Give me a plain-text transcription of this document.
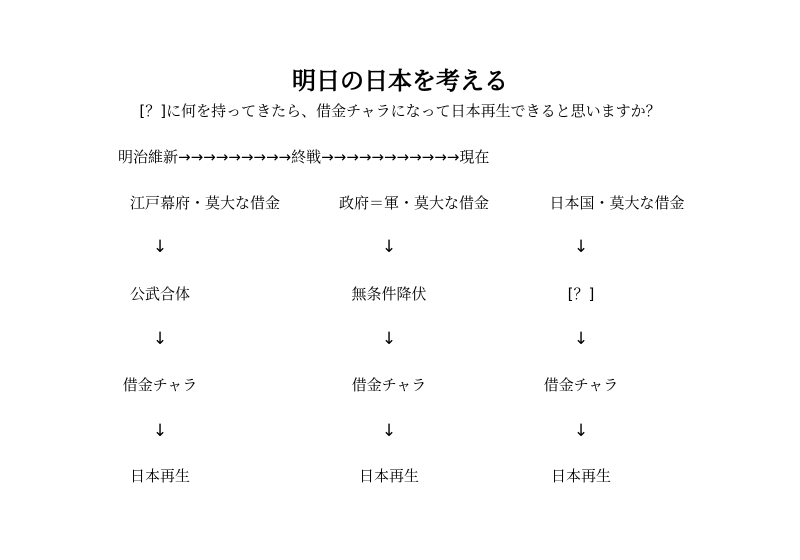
明日の日本を考える
[？]に何を持ってきたら、借金チャラになって日本再生できると思いますか？
明治維新→→→→→→→→→終戦→→→→→→→→→→→現在
江戸幕府・莫大な借金
↓
公武合体
↓
借金チャラ
↓
日本再生
政府＝軍・莫大な借金
↓
無条件降伏
↓
借金チャラ
↓
日本再生
日本国・莫大な借金
↓
[？]
↓
借金チャラ
↓
日本再生
